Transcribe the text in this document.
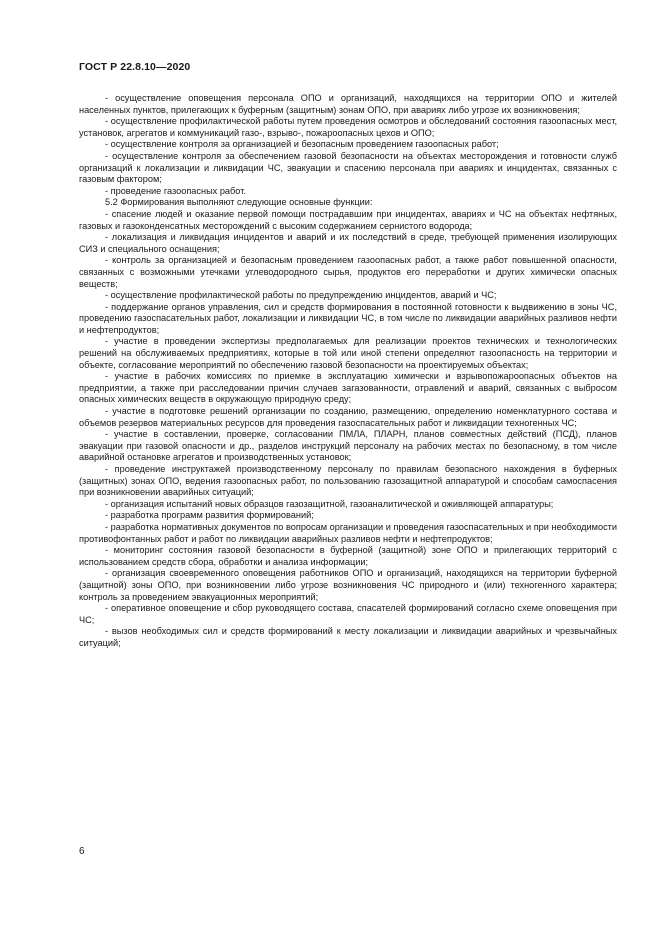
ГОСТ Р 22.8.10—2020

- осуществление оповещения персонала ОПО и организаций, находящихся на территории ОПО и жителей населенных пунктов, прилегающих к буферным (защитным) зонам ОПО, при авариях либо угрозе их возникновения;

- осуществление профилактической работы путем проведения осмотров и обследований состояния газоопасных мест, установок, агрегатов и коммуникаций газо-, взрыво-, пожароопасных цехов и ОПО;

- осуществление контроля за организацией и безопасным проведением газоопасных работ;

- осуществление контроля за обеспечением газовой безопасности на объектах месторождения и готовности служб организаций к локализации и ликвидации ЧС, эвакуации и спасению персонала при авариях и инцидентах, связанных с газовым фактором;

- проведение газоопасных работ.

5.2 Формирования выполняют следующие основные функции:

- спасение людей и оказание первой помощи пострадавшим при инцидентах, авариях и ЧС на объектах нефтяных, газовых и газоконденсатных месторождений с высоким содержанием сернистого водорода;

- локализация и ликвидация инцидентов и аварий и их последствий в среде, требующей применения изолирующих СИЗ и специального оснащения;

- контроль за организацией и безопасным проведением газоопасных работ, а также работ повышенной опасности, связанных с возможными утечками углеводородного сырья, продуктов его переработки и других химически опасных веществ;

- осуществление профилактической работы по предупреждению инцидентов, аварий и ЧС;

- поддержание органов управления, сил и средств формирования в постоянной готовности к выдвижению в зоны ЧС, проведению газоспасательных работ, локализации и ликвидации ЧС, в том числе по ликвидации аварийных разливов нефти и нефтепродуктов;

- участие в проведении экспертизы предполагаемых для реализации проектов технических и технологических решений на обслуживаемых предприятиях, которые в той или иной степени определяют газоопасность на территории и объекте, согласование мероприятий по обеспечению газовой безопасности на проектируемых объектах;

- участие в рабочих комиссиях по приемке в эксплуатацию химически и взрывопожароопасных объектов на предприятии, а также при расследовании причин случаев загазованности, отравлений и аварий, связанных с выбросом опасных химических веществ в окружающую природную среду;

- участие в подготовке решений организации по созданию, размещению, определению номенклатурного состава и объемов резервов материальных ресурсов для проведения газоспасательных работ и ликвидации техногенных ЧС;

- участие в составлении, проверке, согласовании ПМЛА, ПЛАРН, планов совместных действий (ПСД), планов эвакуации при газовой опасности и др., разделов инструкций персоналу на рабочих местах по безопасному, в том числе аварийной остановке агрегатов и производственных установок;

- проведение инструктажей производственному персоналу по правилам безопасного нахождения в буферных (защитных) зонах ОПО, ведения газоопасных работ, по пользованию газозащитной аппаратурой и способам самоспасения при возникновении аварийных ситуаций;

- организация испытаний новых образцов газозащитной, газоаналитической и оживляющей аппаратуры;

- разработка программ развития формирований;

- разработка нормативных документов по вопросам организации и проведения газоспасательных и при необходимости противофонтанных работ и работ по ликвидации аварийных разливов нефти и нефтепродуктов;

- мониторинг состояния газовой безопасности в буферной (защитной) зоне ОПО и прилегающих территорий с использованием средств сбора, обработки и анализа информации;

- организация своевременного оповещения работников ОПО и организаций, находящихся на территории буферной (защитной) зоны ОПО, при возникновении либо угрозе возникновения ЧС природного и (или) техногенного характера; контроль за проведением эвакуационных мероприятий;

- оперативное оповещение и сбор руководящего состава, спасателей формирований согласно схеме оповещения при ЧС;

- вызов необходимых сил и средств формирований к месту локализации и ликвидации аварийных и чрезвычайных ситуаций;

6
